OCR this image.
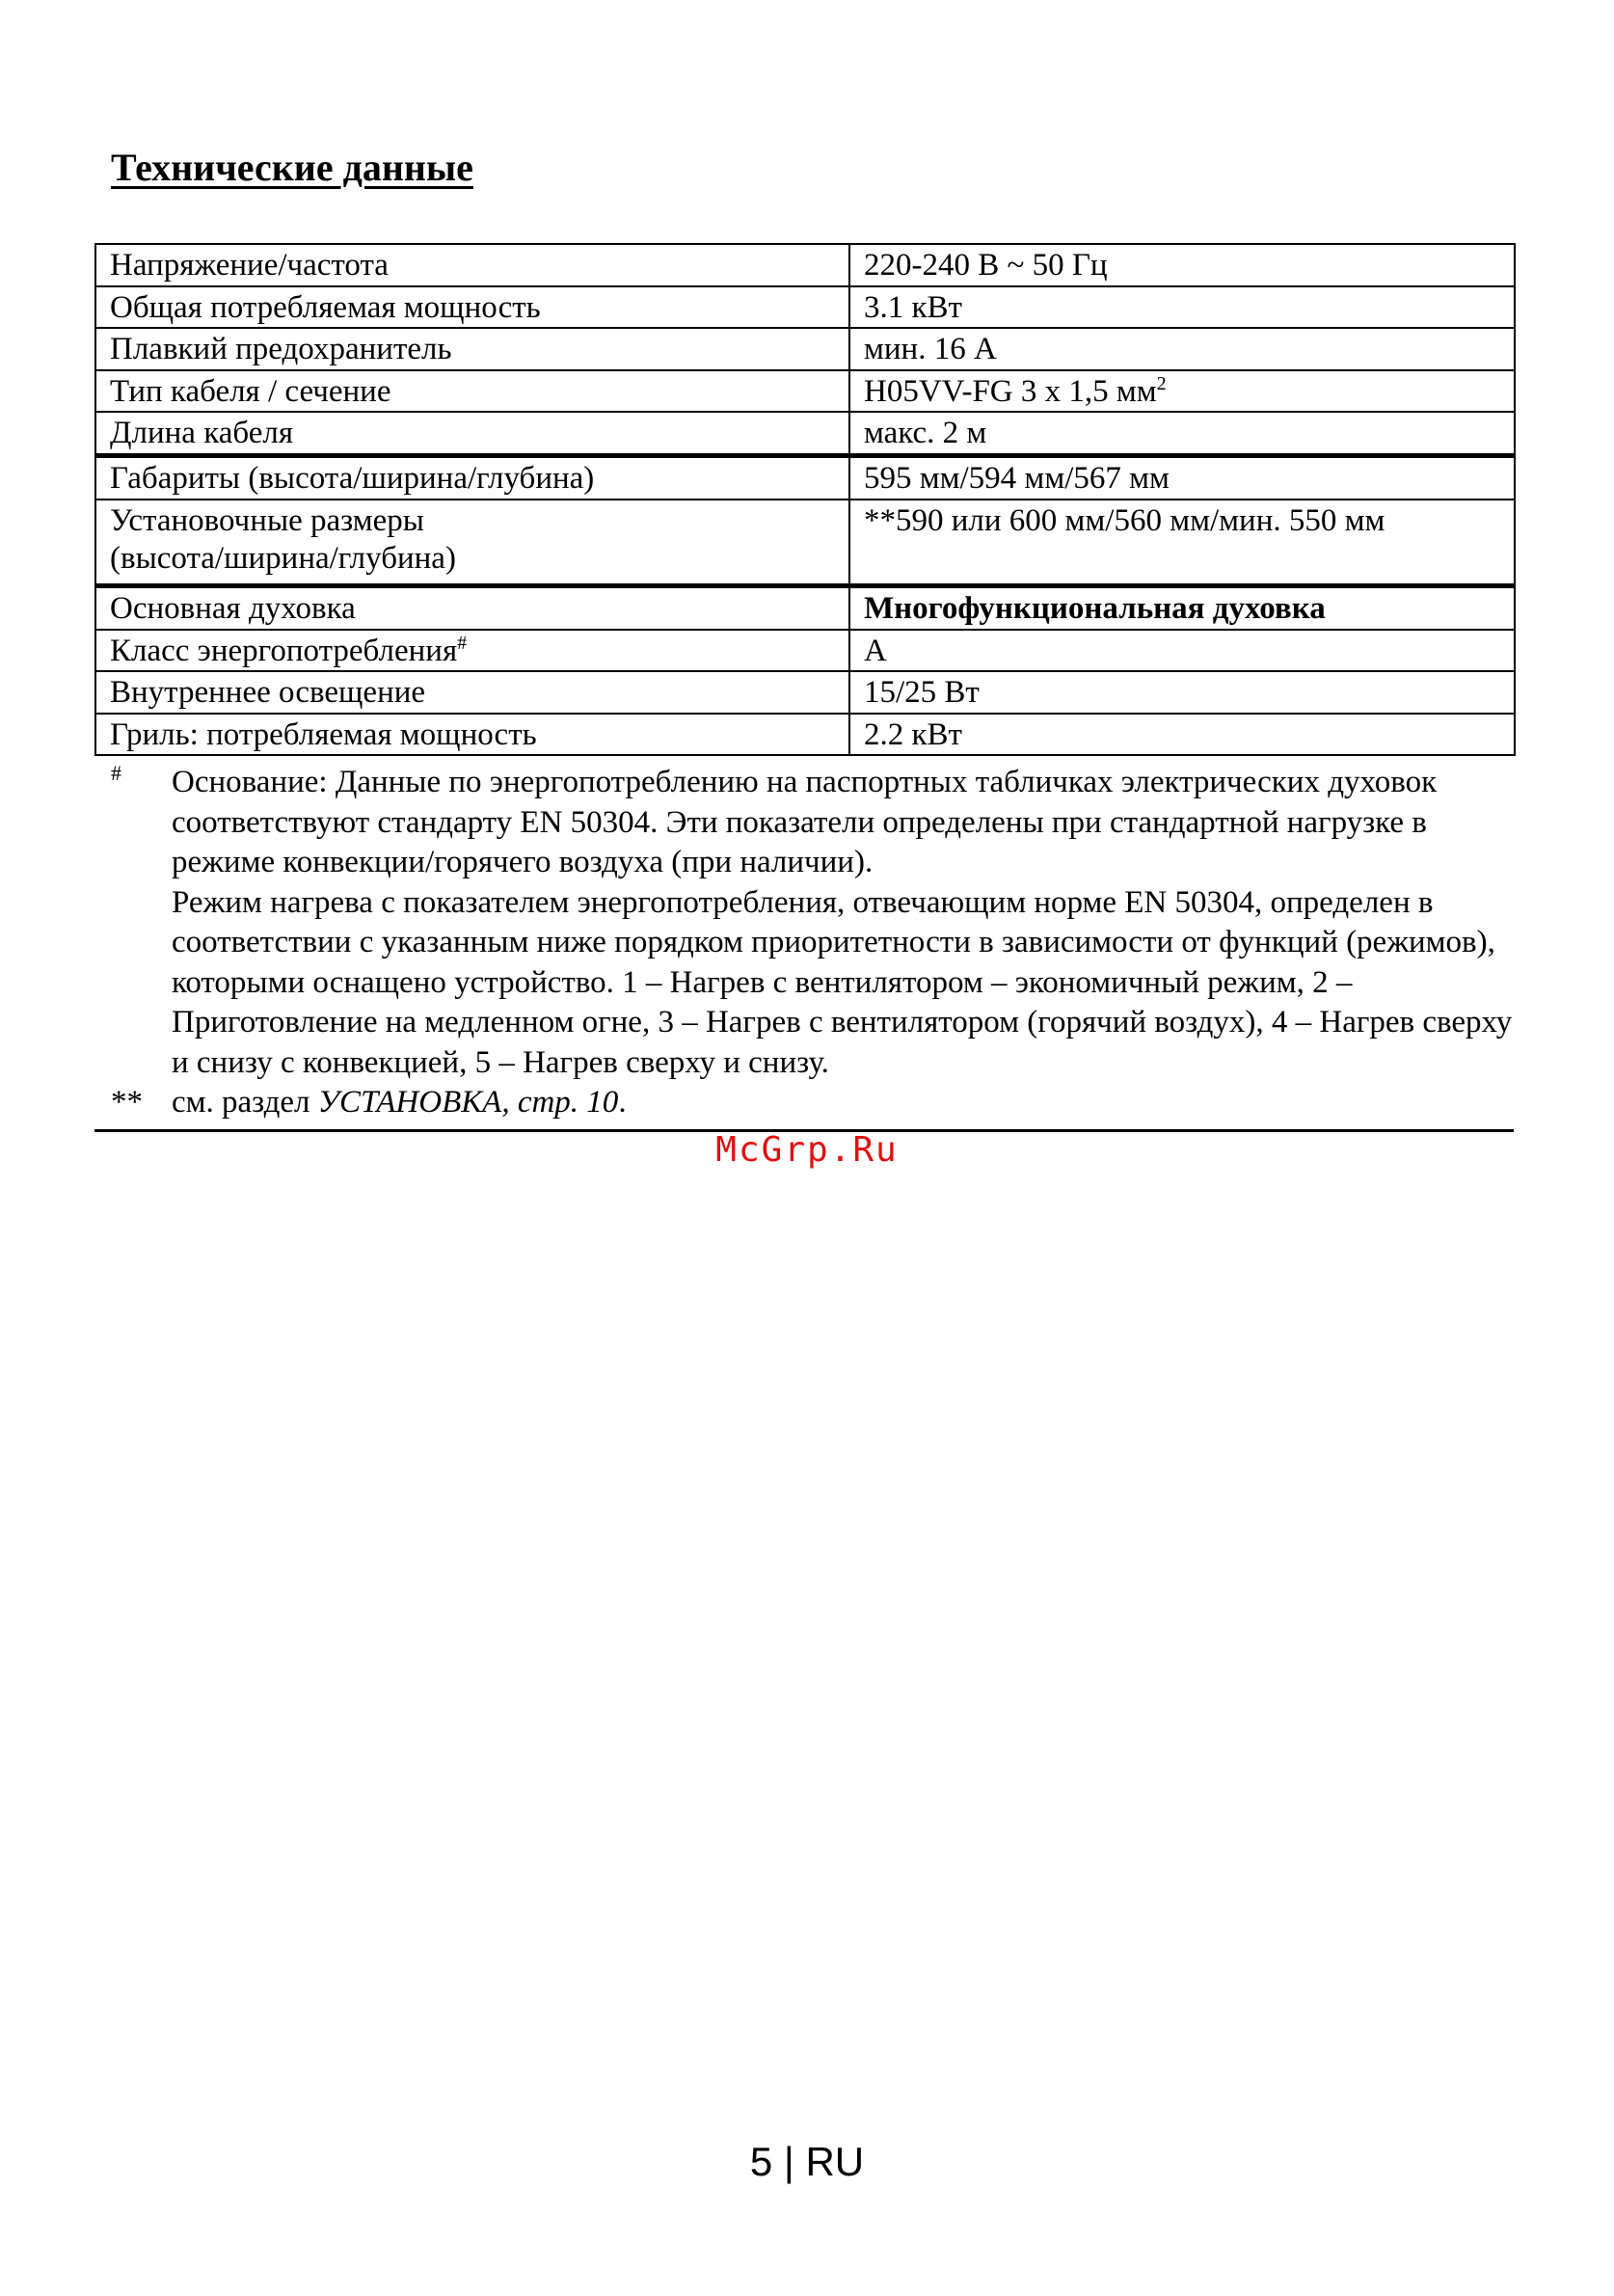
Технические данные
Напряжение/частота	220-240 В ~ 50 Гц
Общая потребляемая мощность	3.1 кВт
Плавкий предохранитель	мин. 16 А
Тип кабеля / сечение	H05VV-FG 3 x 1,5 $мм^2$
Длина кабеля	макс. 2 м
Габариты (высота/ширина/глубина)	595 мм/594 мм/567 мм

Установочные размеры
(высота/ширина/глубина)	**590 или 600 мм/560 мм/мин. 550 мм
Основная духовка	Многофункциональная духовка
Класс энергопотребления#	A
Внутреннее освещение	15/25 Вт
Гриль: потребляемая мощность	2.2 кВт
#	Основание: Данные по энергопотреблению на паспортных табличках электрических духовок соответствуют стандарту EN 50304. Эти показатели определены при стандартной нагрузке в режиме конвекции/горячего воздуха (при наличии).
Режим нагрева с показателем энергопотребления, отвечающим норме EN 50304, определен в соответствии с указанным ниже порядком приоритетности в зависимости от функций (режимов), которыми оснащено устройство. 1 – Нагрев с вентилятором – экономичный режим, 2 – Приготовление на медленном огне, 3 – Нагрев с вентилятором (горячий воздух), 4 – Нагрев сверху и снизу с конвекцией, 5 – Нагрев сверху и снизу.
** см. раздел УСТАНОВКА, стр. 10.
McGrp.Ru
5 | RU
